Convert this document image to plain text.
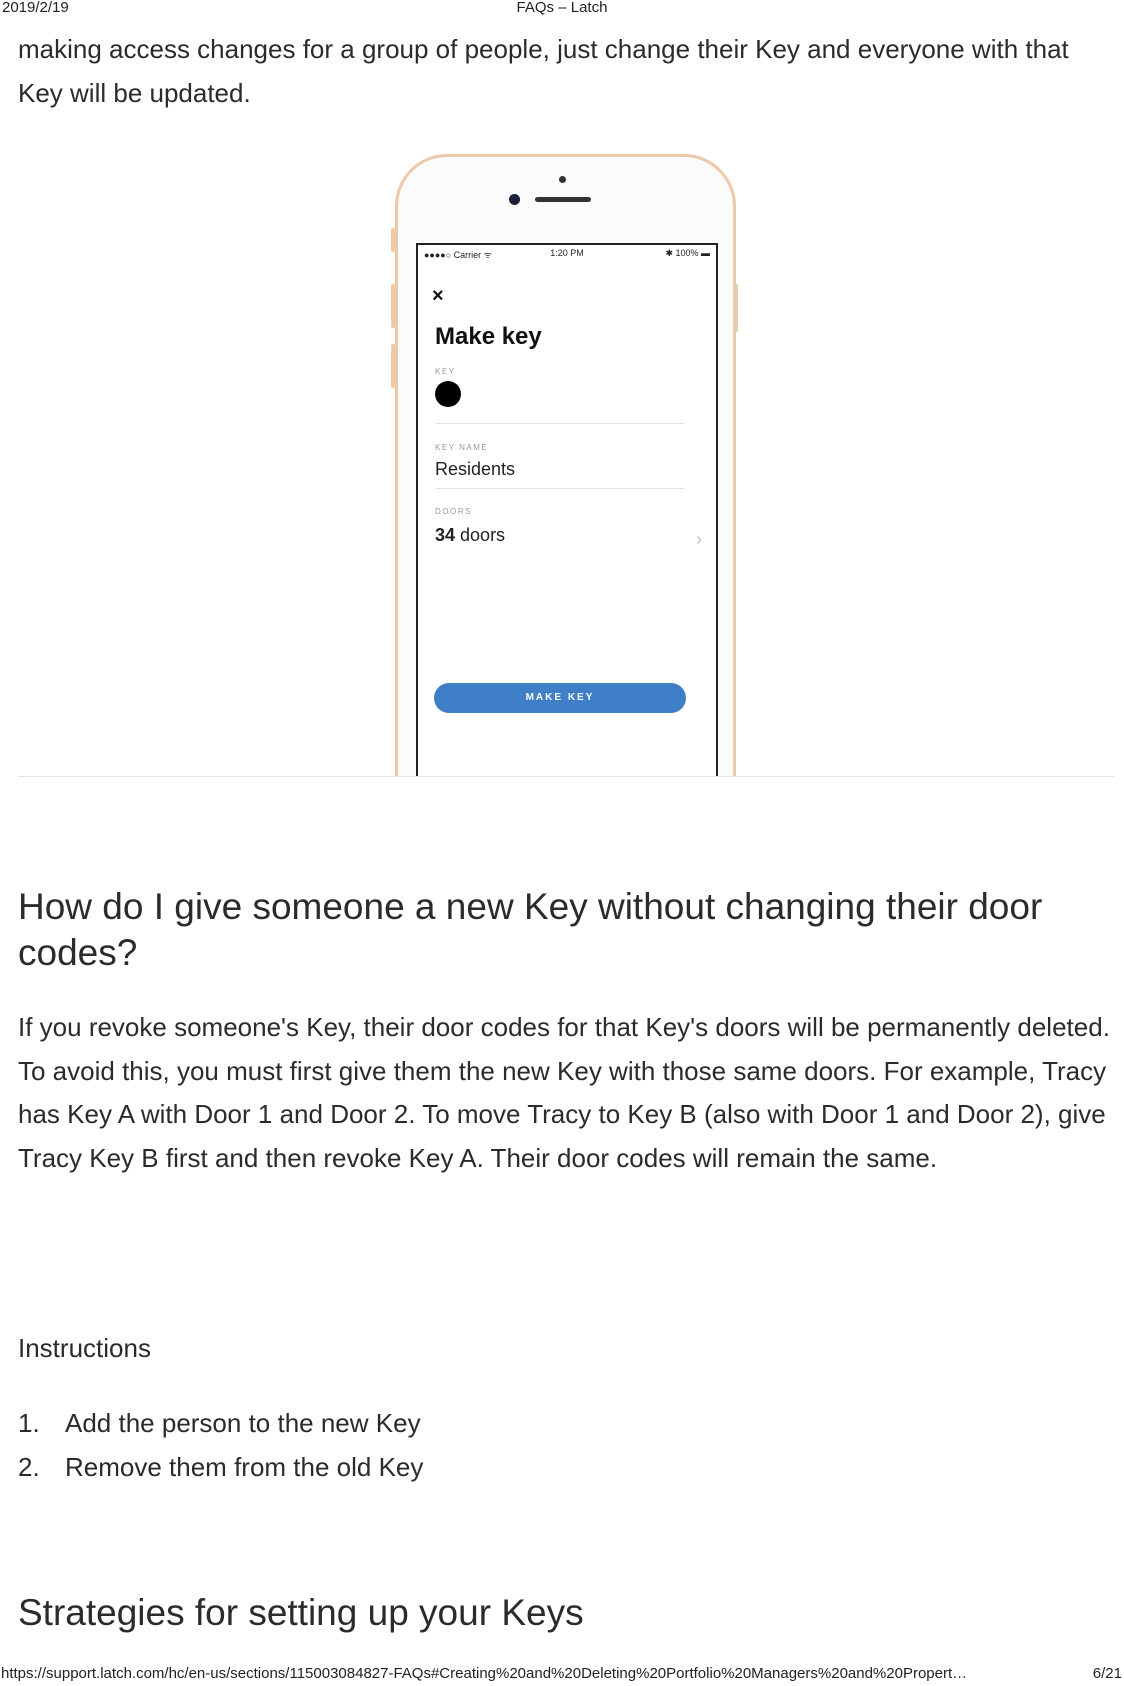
2019/2/19	FAQs – Latch

making access changes for a group of people, just change their Key and everyone with that Key will be updated.

●●●●○ Carrier ᯤ	1:20 PM	✱ 100% ▬
×
Make key
KEY
KEY NAME
Residents
DOORS
34 doors	›
MAKE KEY
How do I give someone a new Key without changing their door codes?

If you revoke someone's Key, their door codes for that Key's doors will be permanently deleted. To avoid this, you must first give them the new Key with those same doors. For example, Tracy has Key A with Door 1 and Door 2. To move Tracy to Key B (also with Door 1 and Door 2), give Tracy Key B first and then revoke Key A. Their door codes will remain the same.

Instructions

1. Add the person to the new Key
2. Remove them from the old Key
Strategies for setting up your Keys
https://support.latch.com/hc/en-us/sections/115003084827-FAQs#Creating%20and%20Deleting%20Portfolio%20Managers%20and%20Propert…	6/21
